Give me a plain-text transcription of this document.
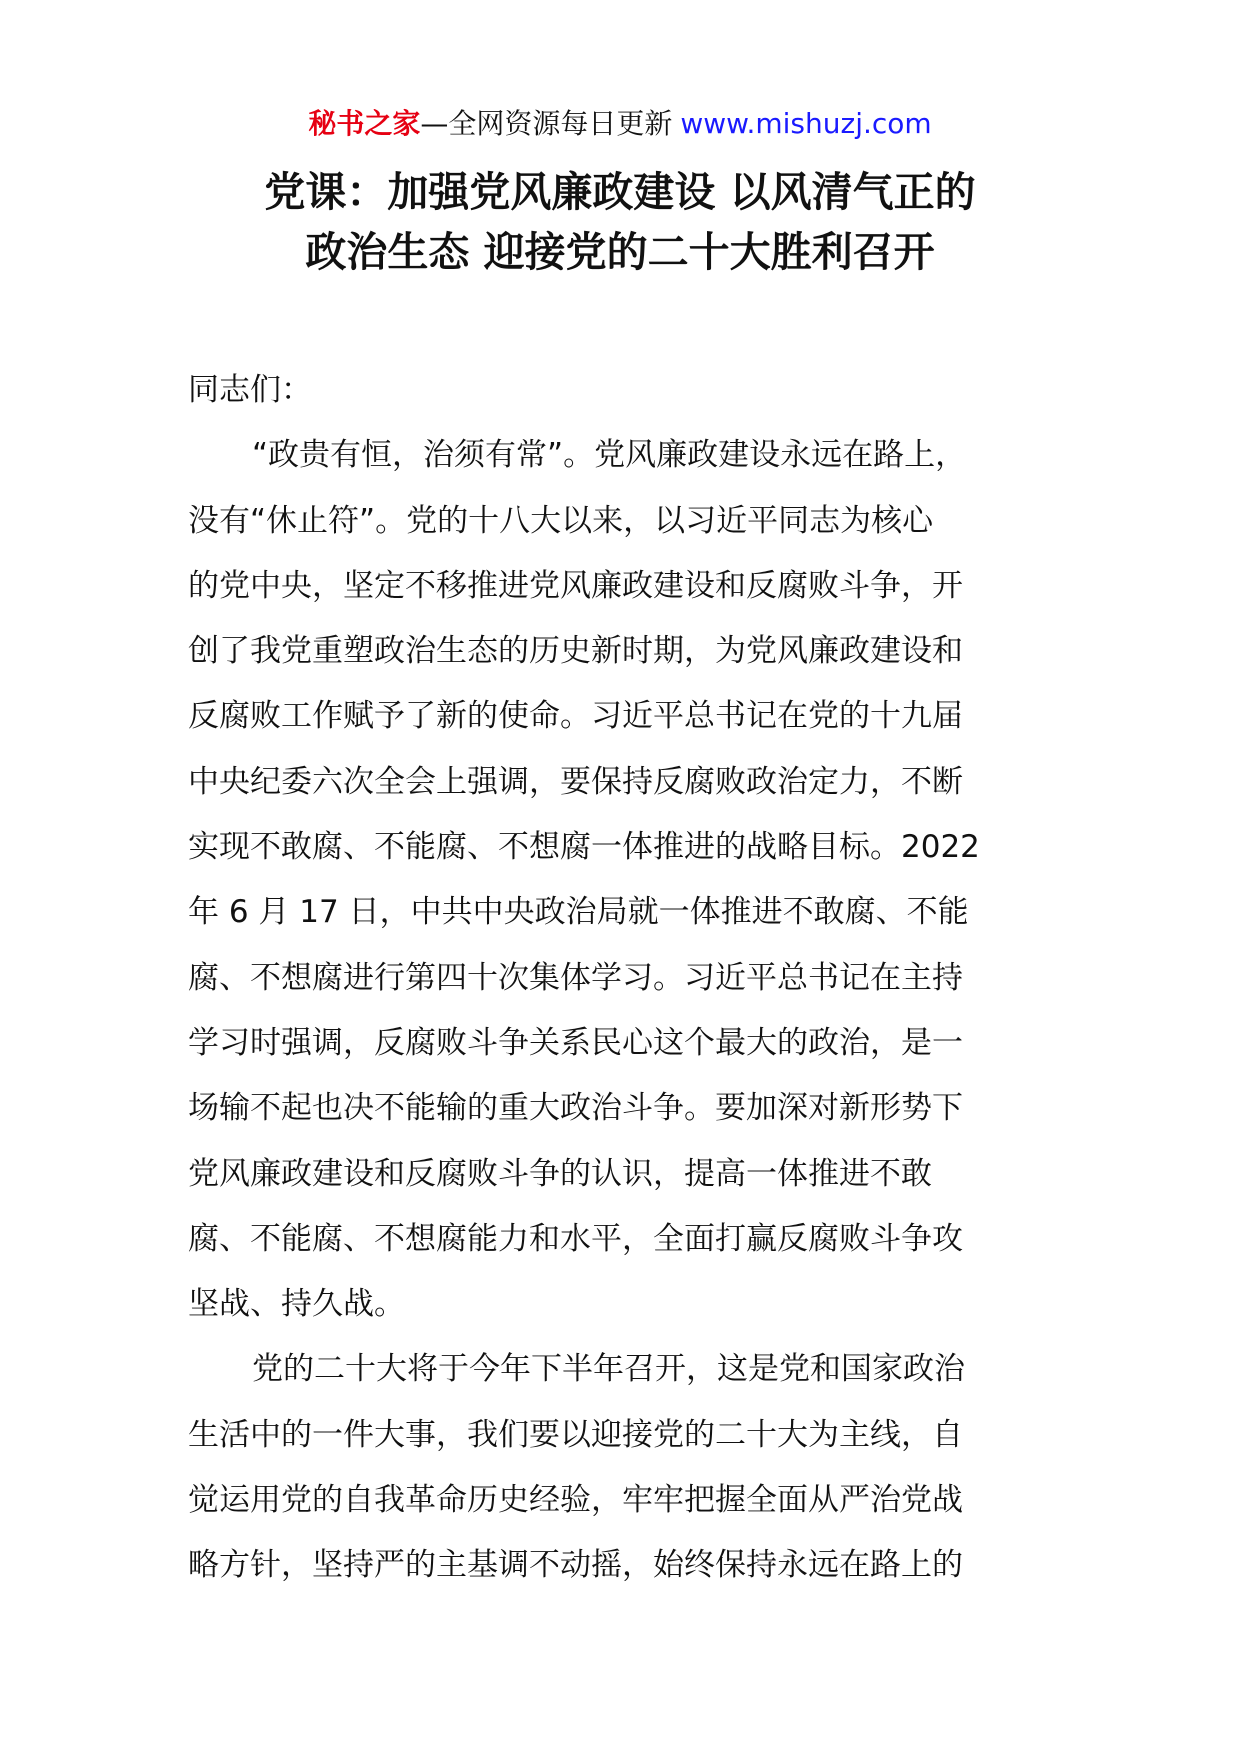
秘书之家—全网资源每日更新 www.mishuzj.com
党课：加强党风廉政建设 以风清气正的
政治生态 迎接党的二十大胜利召开
同志们：
“政贵有恒，治须有常”。党风廉政建设永远在路上，
没有“休止符”。党的十八大以来，以习近平同志为核心
的党中央，坚定不移推进党风廉政建设和反腐败斗争，开
创了我党重塑政治生态的历史新时期，为党风廉政建设和
反腐败工作赋予了新的使命。习近平总书记在党的十九届
中央纪委六次全会上强调，要保持反腐败政治定力，不断
实现不敢腐、不能腐、不想腐一体推进的战略目标。2022
年 6 月 17 日，中共中央政治局就一体推进不敢腐、不能
腐、不想腐进行第四十次集体学习。习近平总书记在主持
学习时强调，反腐败斗争关系民心这个最大的政治，是一
场输不起也决不能输的重大政治斗争。要加深对新形势下
党风廉政建设和反腐败斗争的认识，提高一体推进不敢
腐、不能腐、不想腐能力和水平，全面打赢反腐败斗争攻
坚战、持久战。
党的二十大将于今年下半年召开，这是党和国家政治
生活中的一件大事，我们要以迎接党的二十大为主线，自
觉运用党的自我革命历史经验，牢牢把握全面从严治党战
略方针，坚持严的主基调不动摇，始终保持永远在路上的
